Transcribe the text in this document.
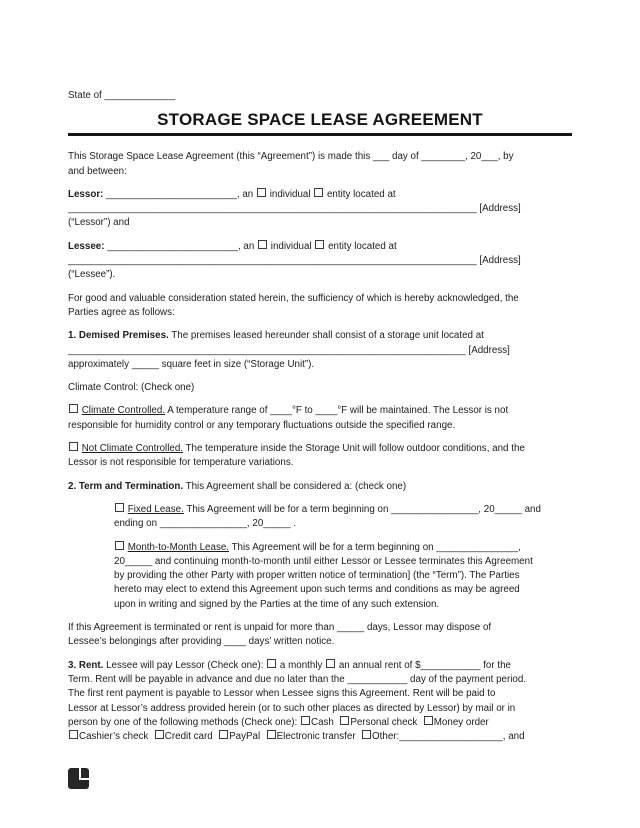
State of _____________
STORAGE SPACE LEASE AGREEMENT
This Storage Space Lease Agreement (this “Agreement”) is made this ___ day of ________, 20___, by
and between:
Lessor: ________________________, an  individual  entity located at
___________________________________________________________________________ [Address]
(“Lessor”) and
Lessee: ________________________, an  individual  entity located at
___________________________________________________________________________ [Address]
(“Lessee”).
For good and valuable consideration stated herein, the sufficiency of which is hereby acknowledged, the
Parties agree as follows:
1. Demised Premises. The premises leased hereunder shall consist of a storage unit located at
_________________________________________________________________________ [Address]
approximately _____ square feet in size (“Storage Unit”).
Climate Control: (Check one)
Climate Controlled. A temperature range of ____°F to ____°F will be maintained. The Lessor is not
responsible for humidity control or any temporary fluctuations outside the specified range.
Not Climate Controlled. The temperature inside the Storage Unit will follow outdoor conditions, and the
Lessor is not responsible for temperature variations.
2. Term and Termination. This Agreement shall be considered a: (check one)
Fixed Lease. This Agreement will be for a term beginning on ________________, 20_____ and
ending on ________________, 20_____ .
Month-to-Month Lease. This Agreement will be for a term beginning on _______________,
20_____ and continuing month-to-month until either Lessor or Lessee terminates this Agreement
by providing the other Party with proper written notice of termination] (the “Term”). The Parties
hereto may elect to extend this Agreement upon such terms and conditions as may be agreed
upon in writing and signed by the Parties at the time of any such extension.
If this Agreement is terminated or rent is unpaid for more than _____ days, Lessor may dispose of
Lessee’s belongings after providing ____ days’ written notice.
3. Rent. Lessee will pay Lessor (Check one):  a monthly  an annual rent of $___________ for the
Term. Rent will be payable in advance and due no later than the ___________ day of the payment period.
The first rent payment is payable to Lessor when Lessee signs this Agreement. Rent will be paid to
Lessor at Lessor’s address provided herein (or to such other places as directed by Lessor) by mail or in
person by one of the following methods (Check one): Cash  Personal check  Money order
Cashier’s check  Credit card  PayPal  Electronic transfer  Other:___________________, and
